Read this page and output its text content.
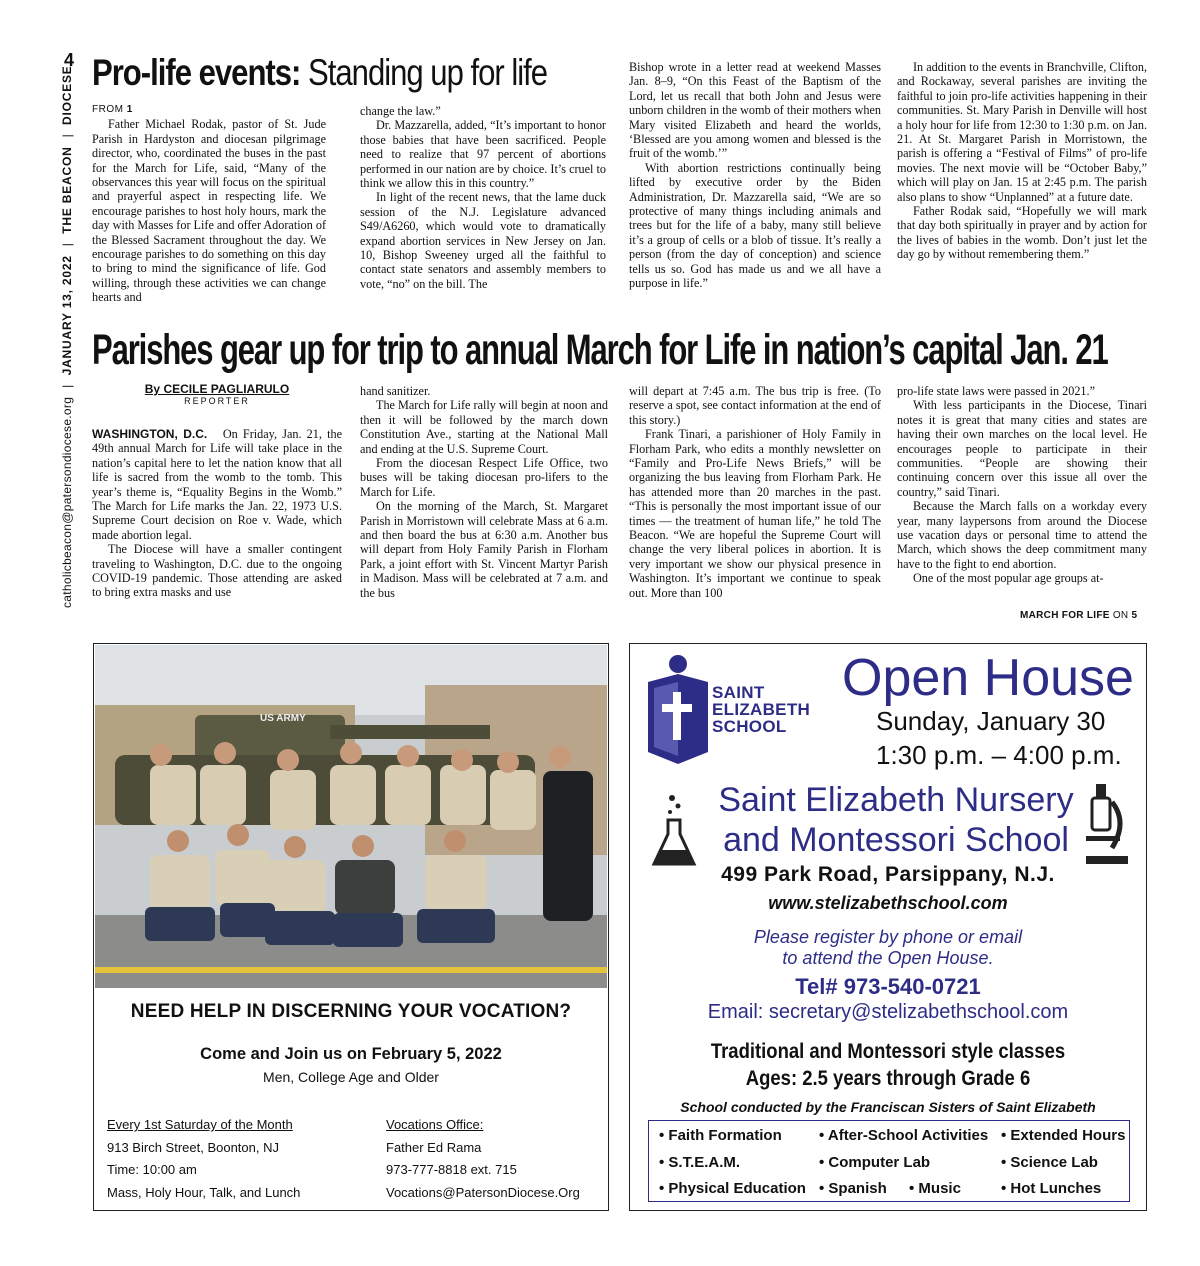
4
catholicbeacon@patersondiocese.org|JANUARY 13, 2022|THE BEACON|DIOCESE Pro-life events: Standing up for life

FROM 1

Father Michael Rodak, pastor of St. Jude Parish in Hardyston and diocesan pilgrimage director, who, coordinated the buses in the past for the March for Life, said, “Many of the observances this year will focus on the spiritual and prayerful aspect in respecting life. We encourage parishes to host holy hours, mark the day with Masses for Life and offer Adoration of the Blessed Sacrament throughout the day. We encourage parishes to do something on this day to bring to mind the significance of life. God willing, through these activities we can change hearts and

change the law.”

Dr. Mazzarella, added, “It’s important to honor those babies that have been sacrificed. People need to realize that 97 percent of abortions performed in our nation are by choice. It’s cruel to think we allow this in this country.”

In light of the recent news, that the lame duck session of the N.J. Legislature advanced S49/A6260, which would vote to dramatically expand abortion services in New Jersey on Jan. 10, Bishop Sweeney urged all the faithful to contact state senators and assembly members to vote, “no” on the bill. The

Bishop wrote in a letter read at weekend Masses Jan. 8–9, “On this Feast of the Baptism of the Lord, let us recall that both John and Jesus were unborn children in the womb of their mothers when Mary visited Elizabeth and heard the worlds, ‘Blessed are you among women and blessed is the fruit of the womb.’”

With abortion restrictions continually being lifted by executive order by the Biden Administration, Dr. Mazzarella said, “We are so protective of many things including animals and trees but for the life of a baby, many still believe it’s a group of cells or a blob of tissue. It’s really a person (from the day of conception) and science tells us so. God has made us and we all have a purpose in life.”

In addition to the events in Branchville, Clifton, and Rockaway, several parishes are inviting the faithful to join pro-life activities happening in their communities. St. Mary Parish in Denville will host a holy hour for life from 12:30 to 1:30 p.m. on Jan. 21. At St. Margaret Parish in Morristown, the parish is offering a “Festival of Films” of pro-life movies. The next movie will be “October Baby,” which will play on Jan. 15 at 2:45 p.m. The parish also plans to show “Unplanned” at a future date.

Father Rodak said, “Hopefully we will mark that day both spiritually in prayer and by action for the lives of babies in the womb. Don’t just let the day go by without remembering them.”

Parishes gear up for trip to annual March for Life in nation’s capital Jan. 21
By CECILE PAGLIARULO
REPORTER

WASHINGTON, D.C. On Friday, Jan. 21, the 49th annual March for Life will take place in the nation’s capital here to let the nation know that all life is sacred from the womb to the tomb. This year’s theme is, “Equality Begins in the Womb.” The March for Life marks the Jan. 22, 1973 U.S. Supreme Court decision on Roe v. Wade, which made abortion legal.

The Diocese will have a smaller contingent traveling to Washington, D.C. due to the ongoing COVID-19 pandemic. Those attending are asked to bring extra masks and use

hand sanitizer.

The March for Life rally will begin at noon and then it will be followed by the march down Constitution Ave., starting at the National Mall and ending at the U.S. Supreme Court.

From the diocesan Respect Life Office, two buses will be taking diocesan pro-lifers to the March for Life.

On the morning of the March, St. Margaret Parish in Morristown will celebrate Mass at 6 a.m. and then board the bus at 6:30 a.m. Another bus will depart from Holy Family Parish in Florham Park, a joint effort with St. Vincent Martyr Parish in Madison. Mass will be celebrated at 7 a.m. and the bus

will depart at 7:45 a.m. The bus trip is free. (To reserve a spot, see contact information at the end of this story.)

Frank Tinari, a parishioner of Holy Family in Florham Park, who edits a monthly newsletter on “Family and Pro-Life News Briefs,” will be organizing the bus leaving from Florham Park. He has attended more than 20 marches in the past. “This is personally the most important issue of our times — the treatment of human life,” he told The Beacon. “We are hopeful the Supreme Court will change the very liberal polices in abortion. It is very important we show our physical presence in Washington. It’s important we continue to speak out. More than 100

pro-life state laws were passed in 2021.”

With less participants in the Diocese, Tinari notes it is great that many cities and states are having their own marches on the local level. He encourages people to participate in their communities. “People are showing their continuing concern over this issue all over the country,” said Tinari.

Because the March falls on a workday every year, many laypersons from around the Diocese use vacation days or personal time to attend the March, which shows the deep commitment many have to the fight to end abortion.

One of the most popular age groups at-

MARCH FOR LIFE ON 5
US ARMY
NEED HELP IN DISCERNING YOUR VOCATION?
Come and Join us on February 5, 2022
Men, College Age and Older
Every 1st Saturday of the Month
913 Birch Street, Boonton, NJ
Time: 10:00 am
Mass, Holy Hour, Talk, and Lunch
Vocations Office:
Father Ed Rama
973-777-8818 ext. 715
Vocations@PatersonDiocese.Org
SAINT
ELIZABETH
SCHOOL
Open House
Sunday, January 30
1:30 p.m. – 4:00 p.m.
Saint Elizabeth Nursery
and Montessori School
499 Park Road, Parsippany, N.J.
www.stelizabethschool.com
Please register by phone or email
to attend the Open House.
Tel# 973-540-0721
Email: secretary@stelizabethschool.com
Traditional and Montessori style classes
Ages: 2.5 years through Grade 6
School conducted by the Franciscan Sisters of Saint Elizabeth
• Faith Formation • After-School Activities • Extended Hours
• S.T.E.A.M.	• Computer Lab	• Science Lab
• Physical Education • Spanish • Music	• Hot Lunches
